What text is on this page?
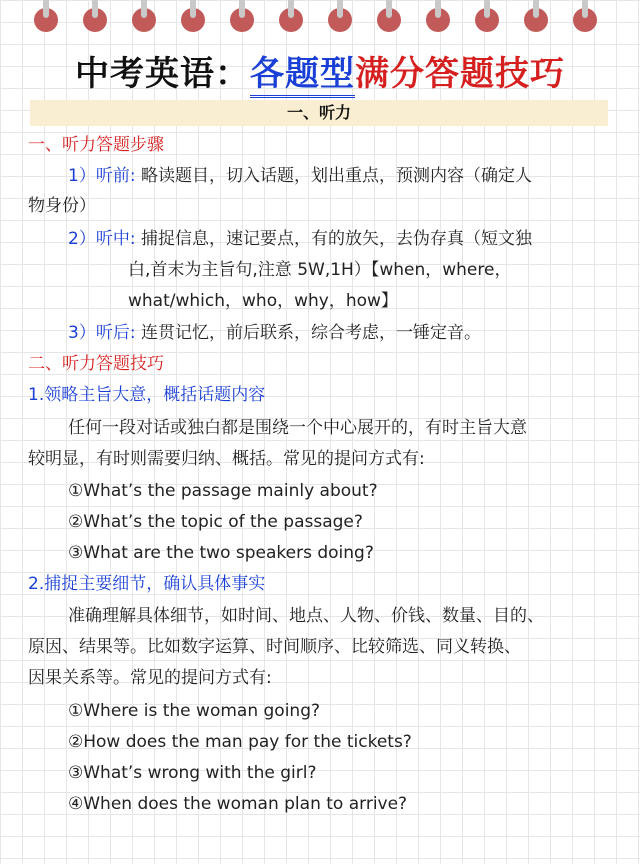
中考英语：各题型满分答题技巧
一、听力
一、听力答题步骤
1）听前: 略读题目，切入话题，划出重点，预测内容（确定人
物身份）
2）听中: 捕捉信息，速记要点，有的放矢，去伪存真（短文独
白,首末为主旨句,注意 5W,1H）【when，where，
what/which，who，why，how】
3）听后: 连贯记忆，前后联系，综合考虑，一锤定音。
二、听力答题技巧
1.领略主旨大意，概括话题内容
任何一段对话或独白都是围绕一个中心展开的，有时主旨大意
较明显，有时则需要归纳、概括。常见的提问方式有:
①What’s the passage mainly about?
②What’s the topic of the passage?
③What are the two speakers doing?
2.捕捉主要细节，确认具体事实
准确理解具体细节，如时间、地点、人物、价钱、数量、目的、
原因、结果等。比如数字运算、时间顺序、比较筛选、同义转换、
因果关系等。常见的提问方式有:
①Where is the woman going?
②How does the man pay for the tickets?
③What’s wrong with the girl?
④When does the woman plan to arrive?
